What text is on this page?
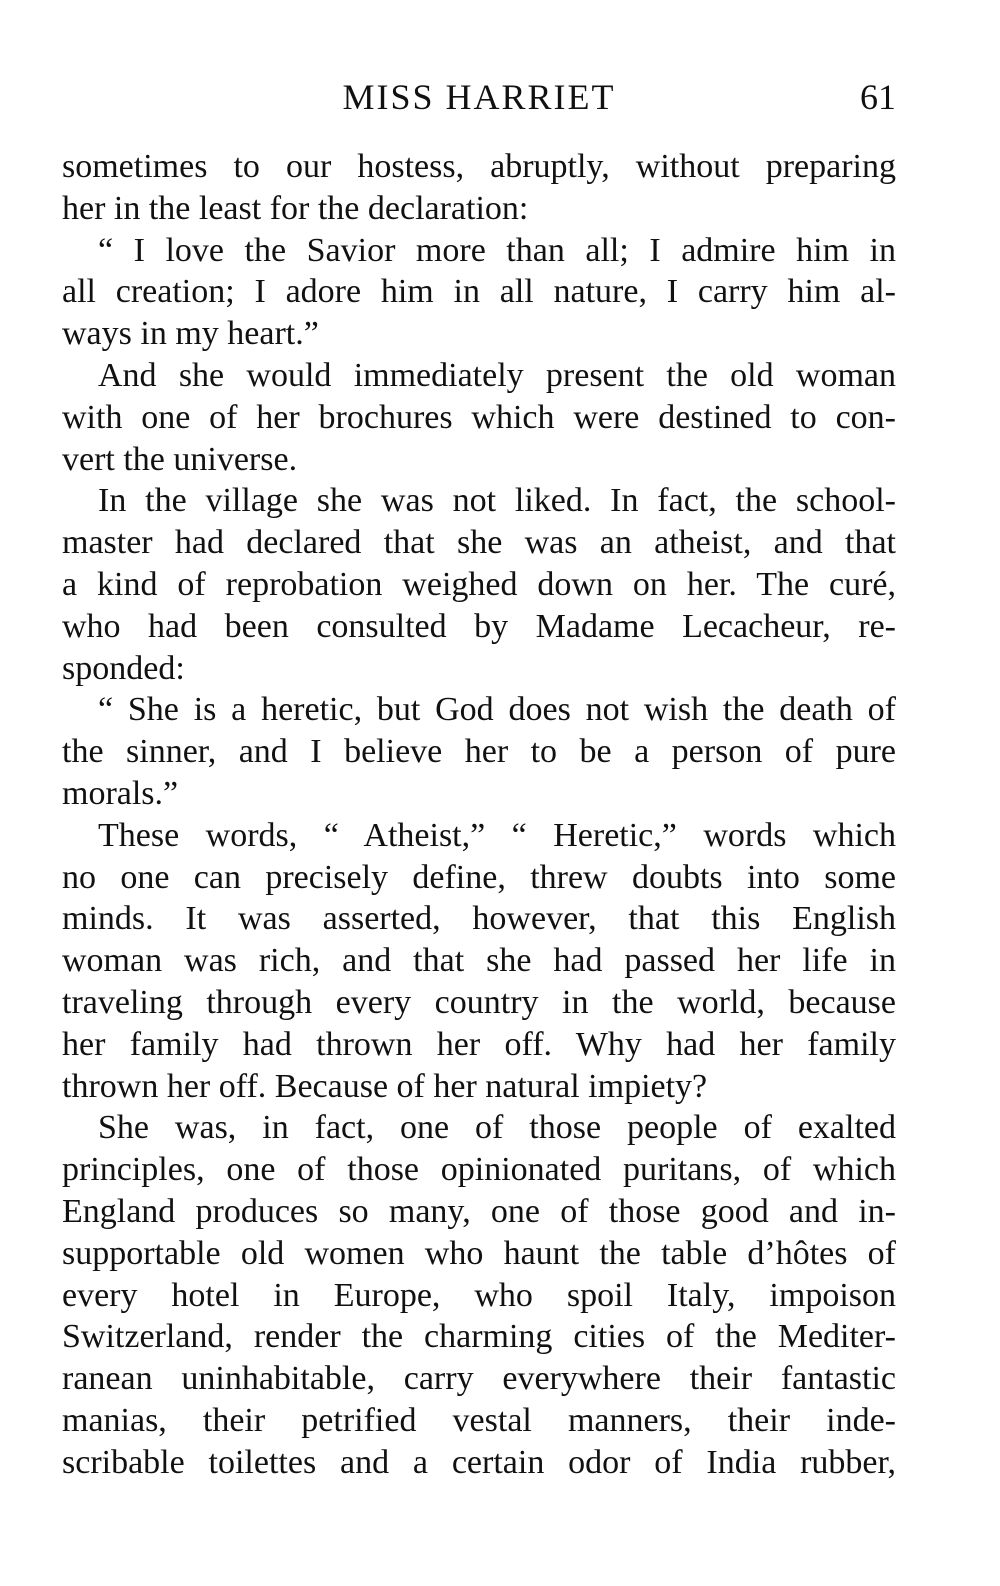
MISS HARRIET	61
sometimes to our hostess, abruptly, without preparing
her in the least for the declaration:
“ I love the Savior more than all; I admire him in
all creation; I adore him in all nature, I carry him al-
ways in my heart.”
And she would immediately present the old woman
with one of her brochures which were destined to con-
vert the universe.
In the village she was not liked. In fact, the school-
master had declared that she was an atheist, and that
a kind of reprobation weighed down on her. The curé,
who had been consulted by Madame Lecacheur, re-
sponded:
“ She is a heretic, but God does not wish the death of
the sinner, and I believe her to be a person of pure
morals.”
These words, “ Atheist,” “ Heretic,” words which
no one can precisely define, threw doubts into some
minds. It was asserted, however, that this English
woman was rich, and that she had passed her life in
traveling through every country in the world, because
her family had thrown her off. Why had her family
thrown her off. Because of her natural impiety?
She was, in fact, one of those people of exalted
principles, one of those opinionated puritans, of which
England produces so many, one of those good and in-
supportable old women who haunt the table d’hôtes of
every hotel in Europe, who spoil Italy, impoison
Switzerland, render the charming cities of the Mediter-
ranean uninhabitable, carry everywhere their fantastic
manias, their petrified vestal manners, their inde-
scribable toilettes and a certain odor of India rubber,
